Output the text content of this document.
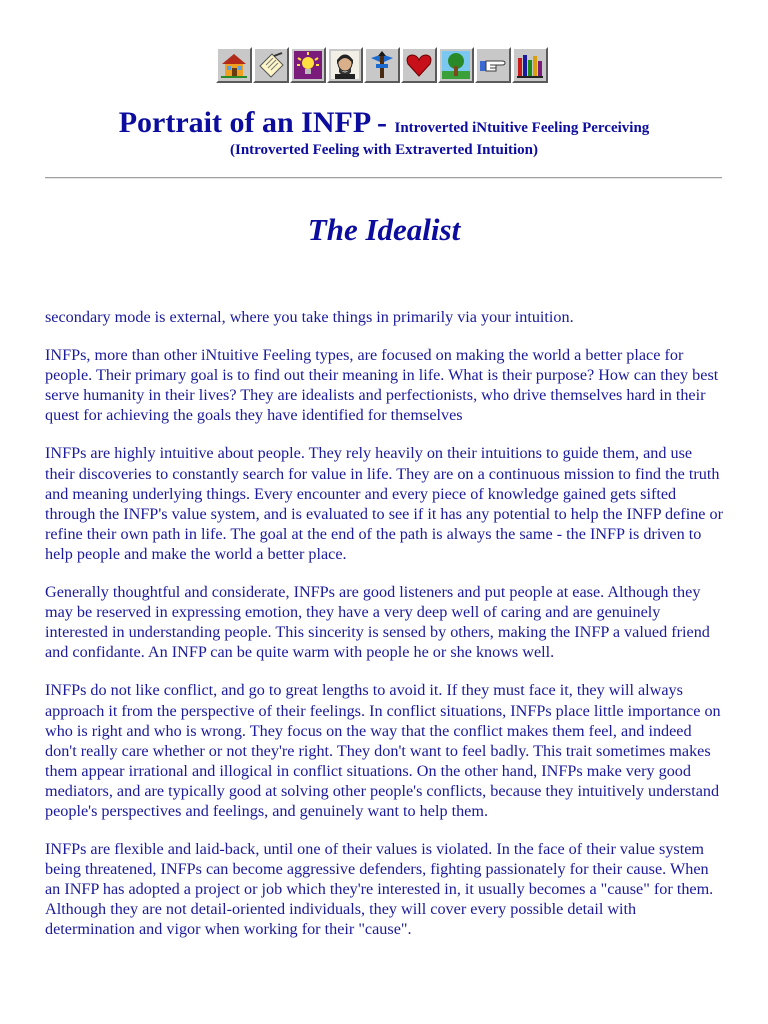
Portrait of an INFP - Introverted iNtuitive Feeling Perceiving
(Introverted Feeling with Extraverted Intuition)
The Idealist

secondary mode is external, where you take things in primarily via your intuition.

INFPs, more than other iNtuitive Feeling types, are focused on making the world a better place for people. Their primary goal is to find out their meaning in life. What is their purpose? How can they best serve humanity in their lives? They are idealists and perfectionists, who drive themselves hard in their quest for achieving the goals they have identified for themselves

INFPs are highly intuitive about people. They rely heavily on their intuitions to guide them, and use their discoveries to constantly search for value in life. They are on a continuous mission to find the truth and meaning underlying things. Every encounter and every piece of knowledge gained gets sifted through the INFP's value system, and is evaluated to see if it has any potential to help the INFP define or refine their own path in life. The goal at the end of the path is always the same - the INFP is driven to help people and make the world a better place.

Generally thoughtful and considerate, INFPs are good listeners and put people at ease. Although they may be reserved in expressing emotion, they have a very deep well of caring and are genuinely interested in understanding people. This sincerity is sensed by others, making the INFP a valued friend and confidante. An INFP can be quite warm with people he or she knows well.

INFPs do not like conflict, and go to great lengths to avoid it. If they must face it, they will always approach it from the perspective of their feelings. In conflict situations, INFPs place little importance on who is right and who is wrong. They focus on the way that the conflict makes them feel, and indeed don't really care whether or not they're right. They don't want to feel badly. This trait sometimes makes them appear irrational and illogical in conflict situations. On the other hand, INFPs make very good mediators, and are typically good at solving other people's conflicts, because they intuitively understand people's perspectives and feelings, and genuinely want to help them.

INFPs are flexible and laid-back, until one of their values is violated. In the face of their value system being threatened, INFPs can become aggressive defenders, fighting passionately for their cause. When an INFP has adopted a project or job which they're interested in, it usually becomes a "cause" for them. Although they are not detail-oriented individuals, they will cover every possible detail with determination and vigor when working for their "cause".
